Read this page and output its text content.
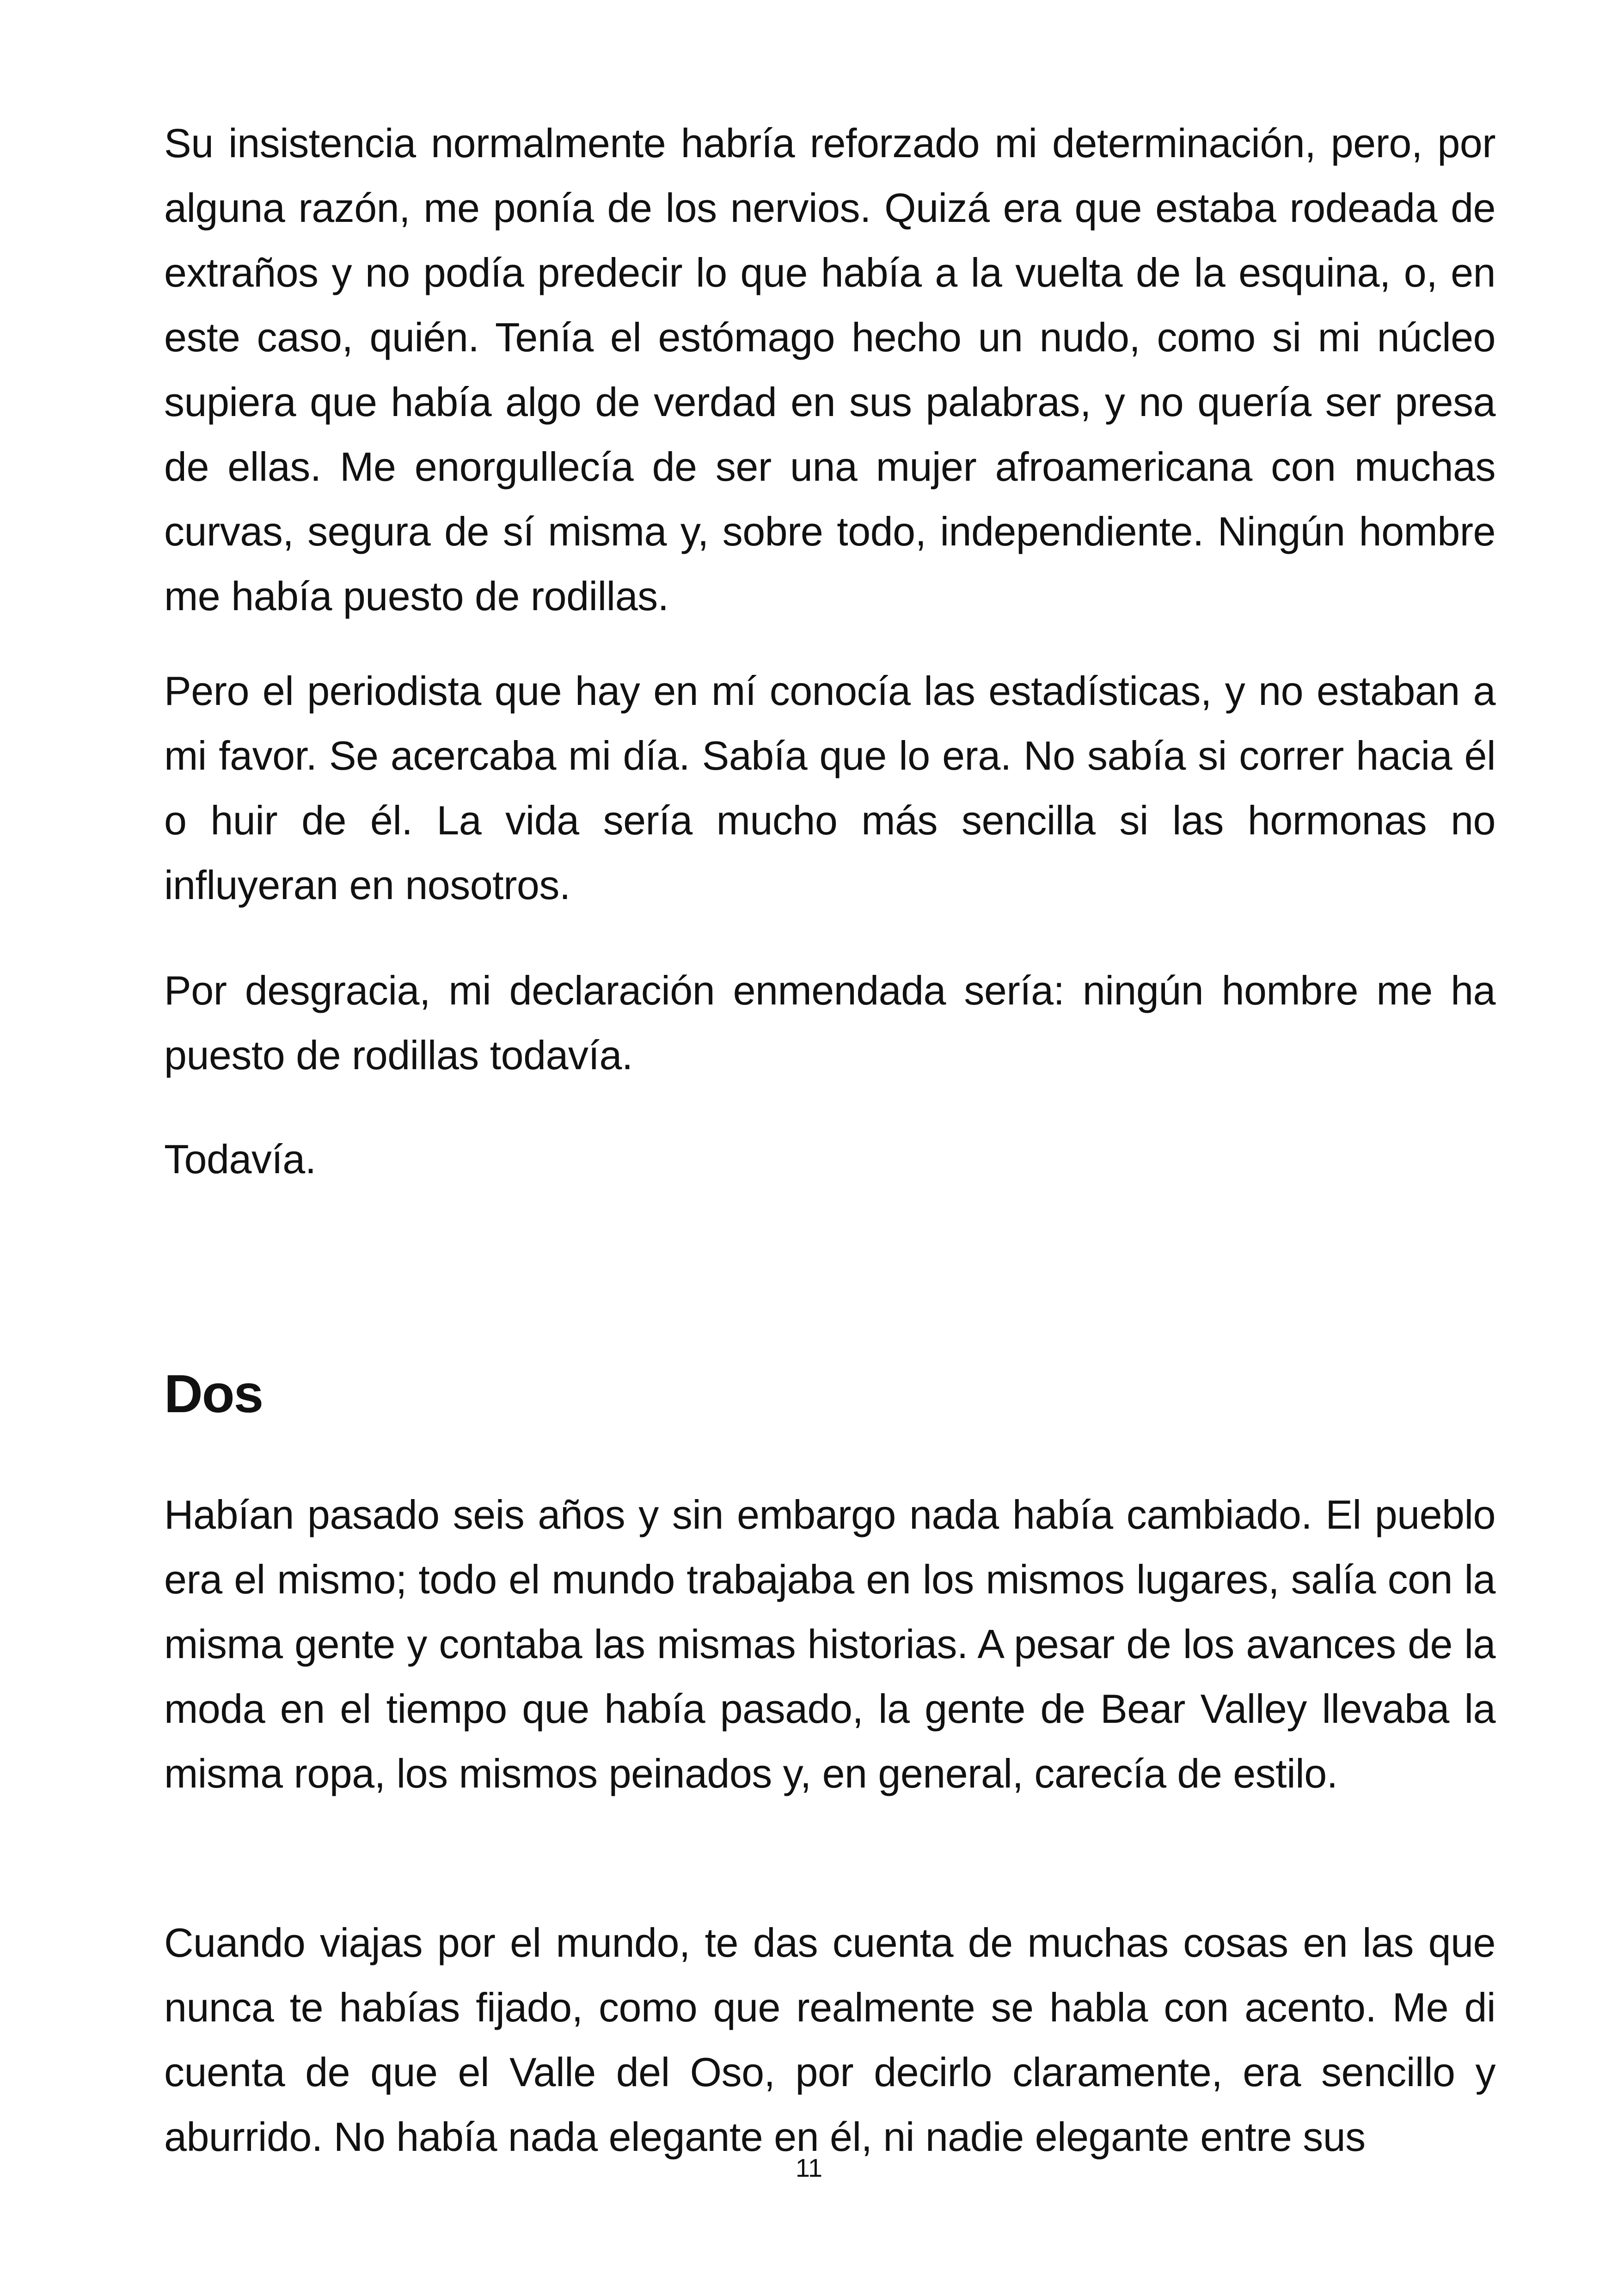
Su insistencia normalmente habría reforzado mi determinación, pero, por alguna razón, me ponía de los nervios. Quizá era que estaba rodeada de extraños y no podía predecir lo que había a la vuelta de la esquina, o, en este caso, quién. Tenía el estómago hecho un nudo, como si mi núcleo supiera que había algo de verdad en sus palabras, y no quería ser presa de ellas. Me enorgullecía de ser una mujer afroamericana con muchas curvas, segura de sí misma y, sobre todo, independiente. Ningún hombre me había puesto de rodillas.

Pero el periodista que hay en mí conocía las estadísticas, y no estaban a mi favor. Se acercaba mi día. Sabía que lo era. No sabía si correr hacia él o huir de él. La vida sería mucho más sencilla si las hormonas no influyeran en nosotros.

Por desgracia, mi declaración enmendada sería: ningún hombre me ha puesto de rodillas todavía.

Todavía.

Dos

Habían pasado seis años y sin embargo nada había cambiado. El pueblo era el mismo; todo el mundo trabajaba en los mismos lugares, salía con la misma gente y contaba las mismas historias. A pesar de los avances de la moda en el tiempo que había pasado, la gente de Bear Valley llevaba la misma ropa, los mismos peinados y, en general, carecía de estilo.

Cuando viajas por el mundo, te das cuenta de muchas cosas en las que nunca te habías fijado, como que realmente se habla con acento. Me di cuenta de que el Valle del Oso, por decirlo claramente, era sencillo y aburrido. No había nada elegante en él, ni nadie elegante entre sus

11
